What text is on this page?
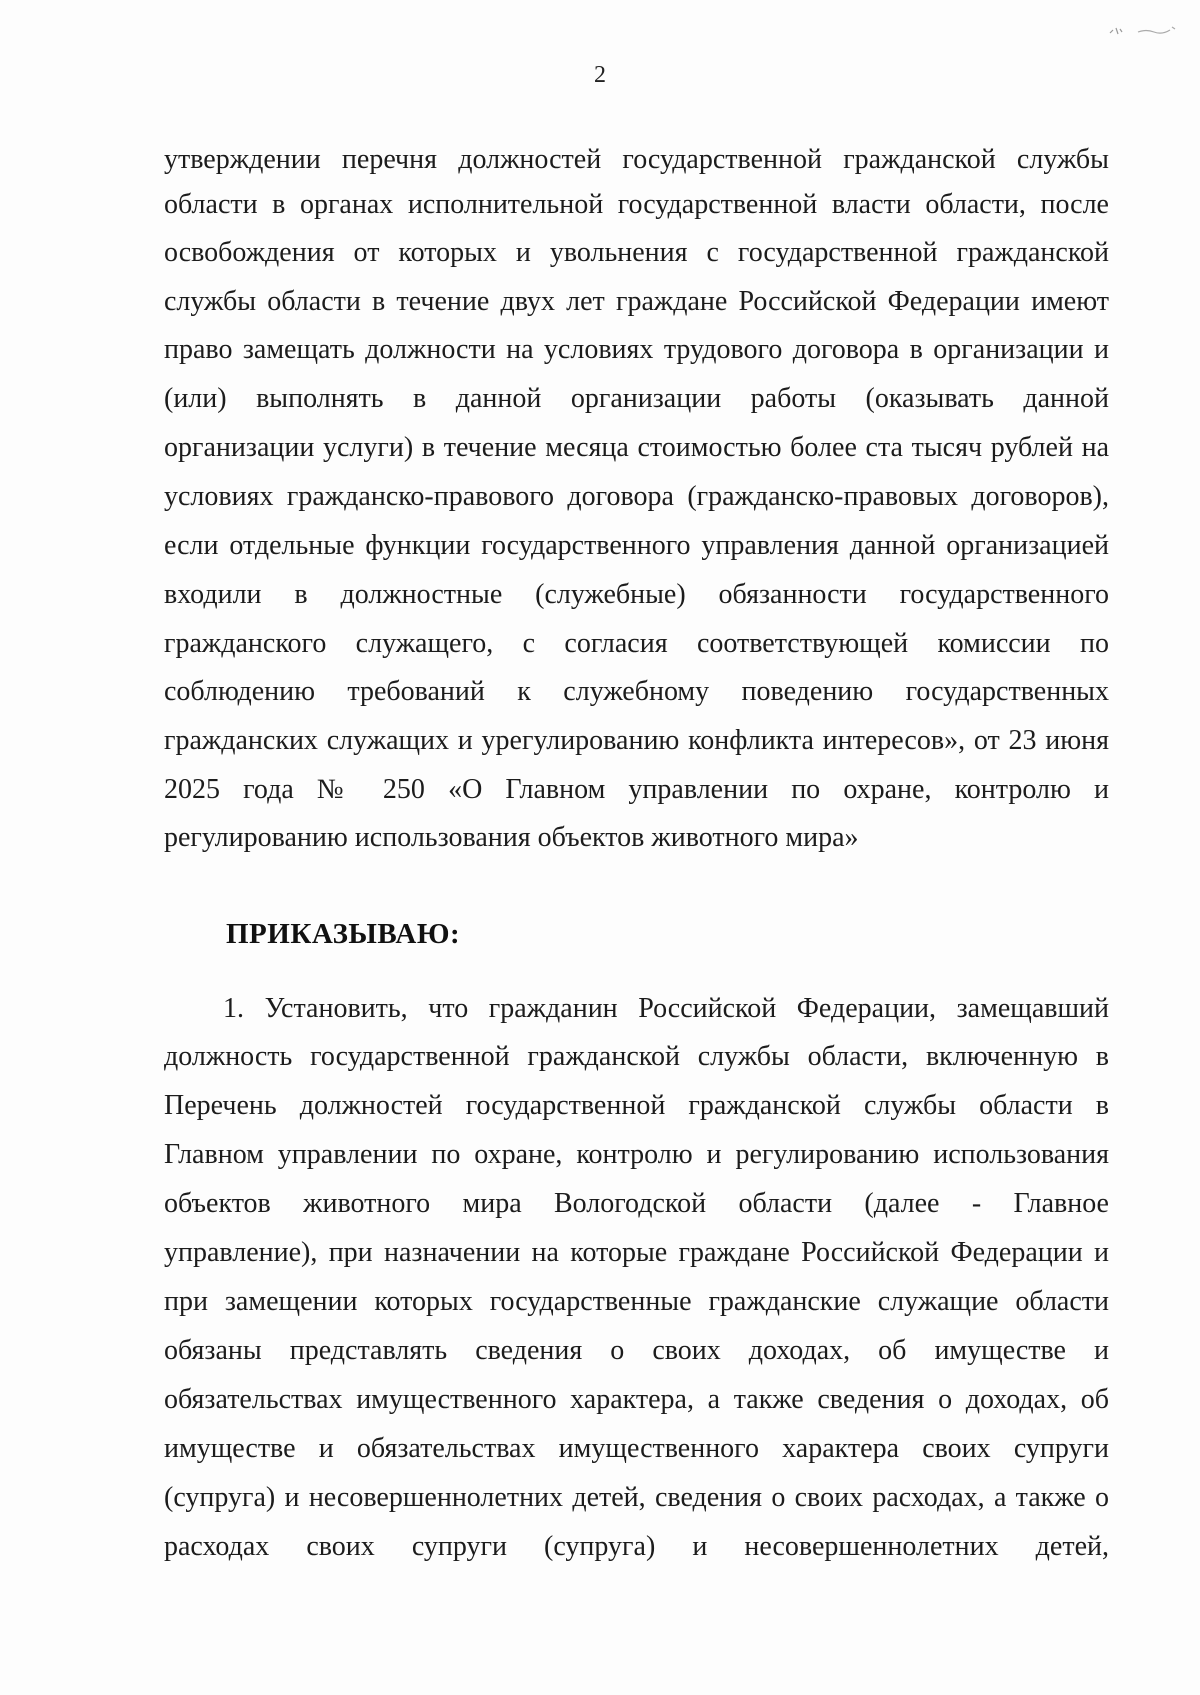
2
утверждении перечня должностей государственной гражданской службы
области в органах исполнительной государственной власти области, после
освобождения от которых и увольнения с государственной гражданской
службы области в течение двух лет граждане Российской Федерации имеют
право замещать должности на условиях трудового договора в организации и
(или) выполнять в данной организации работы (оказывать данной
организации услуги) в течение месяца стоимостью более ста тысяч рублей на
условиях гражданско-правового договора (гражданско-правовых договоров),
если отдельные функции государственного управления данной организацией
входили в должностные (служебные) обязанности государственного
гражданского служащего, с согласия соответствующей комиссии по
соблюдению требований к служебному поведению государственных
гражданских служащих и урегулированию конфликта интересов», от 23 июня
2025 года № 250 «О Главном управлении по охране, контролю и
регулированию использования объектов животного мира»
ПРИКАЗЫВАЮ:
1. Установить, что гражданин Российской Федерации, замещавший
должность государственной гражданской службы области, включенную в
Перечень должностей государственной гражданской службы области в
Главном управлении по охране, контролю и регулированию использования
объектов животного мира Вологодской области (далее - Главное
управление), при назначении на которые граждане Российской Федерации и
при замещении которых государственные гражданские служащие области
обязаны представлять сведения о своих доходах, об имуществе и
обязательствах имущественного характера, а также сведения о доходах, об
имуществе и обязательствах имущественного характера своих супруги
(супруга) и несовершеннолетних детей, сведения о своих расходах, а также о
расходах своих супруги (супруга) и несовершеннолетних детей,
